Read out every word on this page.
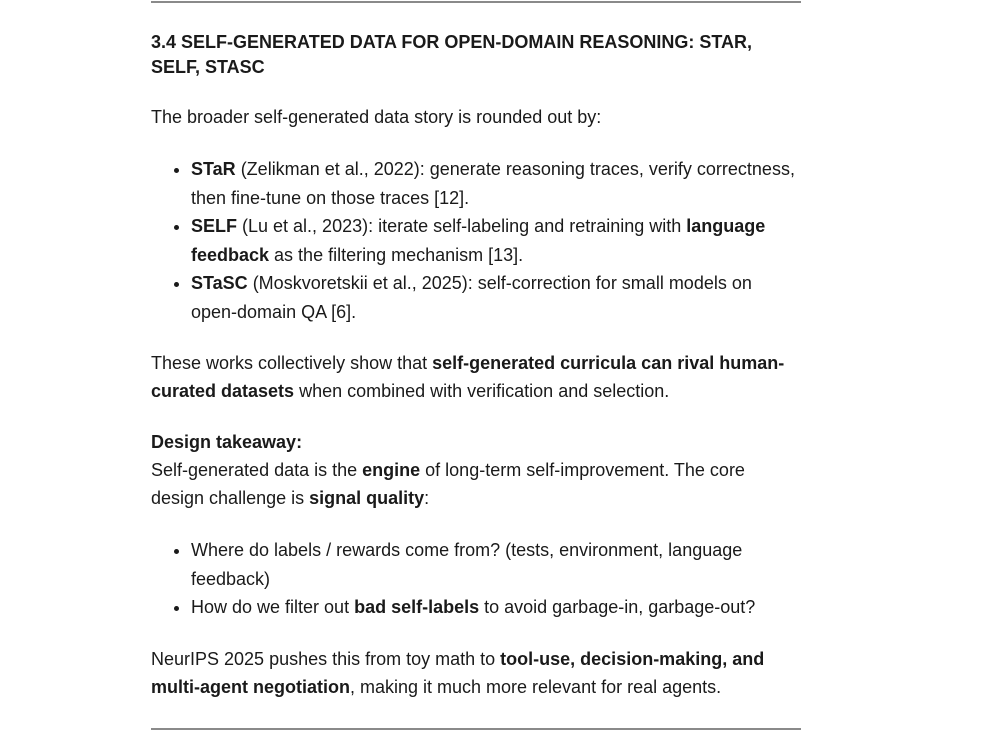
3.4 SELF-GENERATED DATA FOR OPEN-DOMAIN REASONING: STAR, SELF, STASC

The broader self-generated data story is rounded out by:

• STaR (Zelikman et al., 2022): generate reasoning traces, verify correctness, then fine-tune on those traces [12].
• SELF (Lu et al., 2023): iterate self-labeling and retraining with language feedback as the filtering mechanism [13].
• STaSC (Moskvoretskii et al., 2025): self-correction for small models on open-domain QA [6].

These works collectively show that self-generated curricula can rival human-curated datasets when combined with verification and selection.

Design takeaway:
Self-generated data is the engine of long-term self-improvement. The core design challenge is signal quality:

• Where do labels / rewards come from? (tests, environment, language feedback)
• How do we filter out bad self-labels to avoid garbage-in, garbage-out?

NeurIPS 2025 pushes this from toy math to tool-use, decision-making, and multi-agent negotiation, making it much more relevant for real agents.
